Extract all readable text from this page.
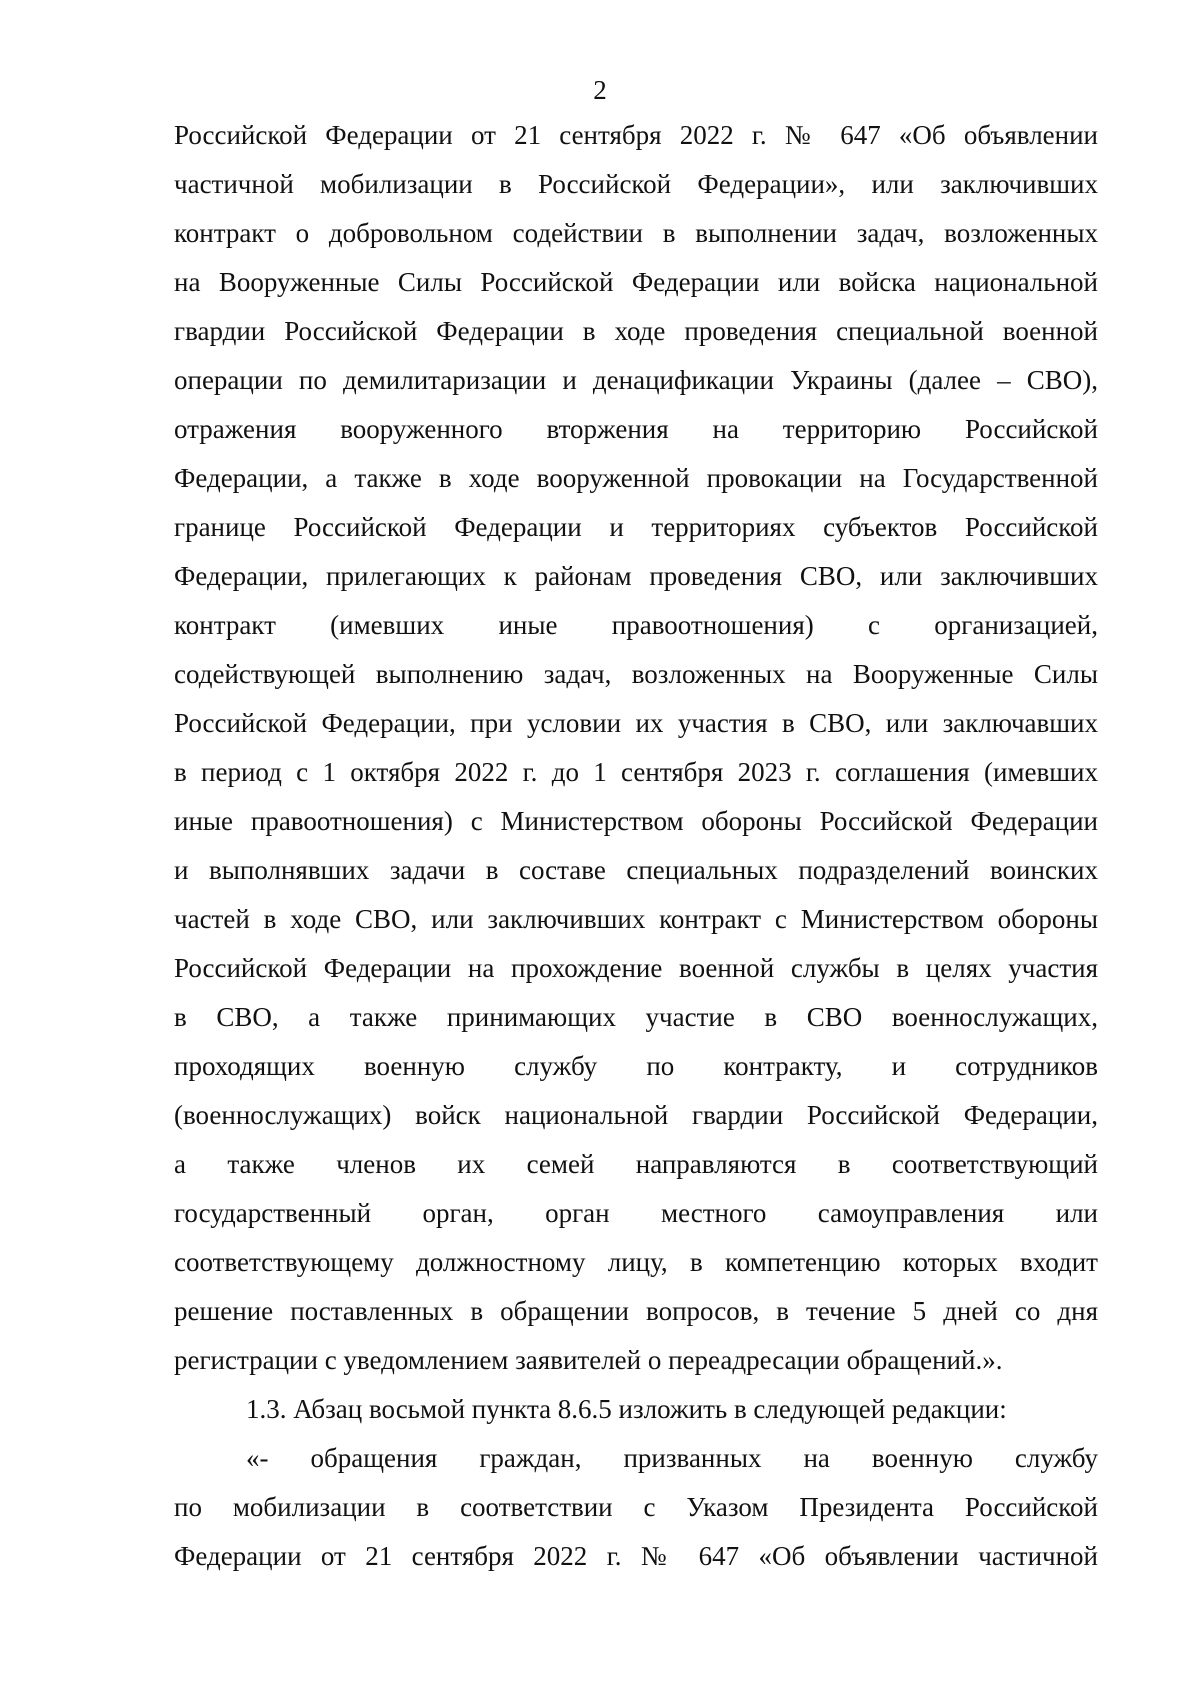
2
Российской Федерации от 21 сентября 2022 г. № 647 «Об объявлении
частичной мобилизации в Российской Федерации», или заключивших
контракт о добровольном содействии в выполнении задач, возложенных
на Вооруженные Силы Российской Федерации или войска национальной
гвардии Российской Федерации в ходе проведения специальной военной
операции по демилитаризации и денацификации Украины (далее – СВО),
отражения вооруженного вторжения на территорию Российской
Федерации, а также в ходе вооруженной провокации на Государственной
границе Российской Федерации и территориях субъектов Российской
Федерации, прилегающих к районам проведения СВО, или заключивших
контракт (имевших иные правоотношения) с организацией,
содействующей выполнению задач, возложенных на Вооруженные Силы
Российской Федерации, при условии их участия в СВО, или заключавших
в период с 1 октября 2022 г. до 1 сентября 2023 г. соглашения (имевших
иные правоотношения) с Министерством обороны Российской Федерации
и выполнявших задачи в составе специальных подразделений воинских
частей в ходе СВО, или заключивших контракт с Министерством обороны
Российской Федерации на прохождение военной службы в целях участия
в СВО, а также принимающих участие в СВО военнослужащих,
проходящих военную службу по контракту, и сотрудников
(военнослужащих) войск национальной гвардии Российской Федерации,
а также членов их семей направляются в соответствующий
государственный орган, орган местного самоуправления или
соответствующему должностному лицу, в компетенцию которых входит
решение поставленных в обращении вопросов, в течение 5 дней со дня
регистрации с уведомлением заявителей о переадресации обращений.».
1.3. Абзац восьмой пункта 8.6.5 изложить в следующей редакции:
«- обращения граждан, призванных на военную службу
по мобилизации в соответствии с Указом Президента Российской
Федерации от 21 сентября 2022 г. № 647 «Об объявлении частичной
